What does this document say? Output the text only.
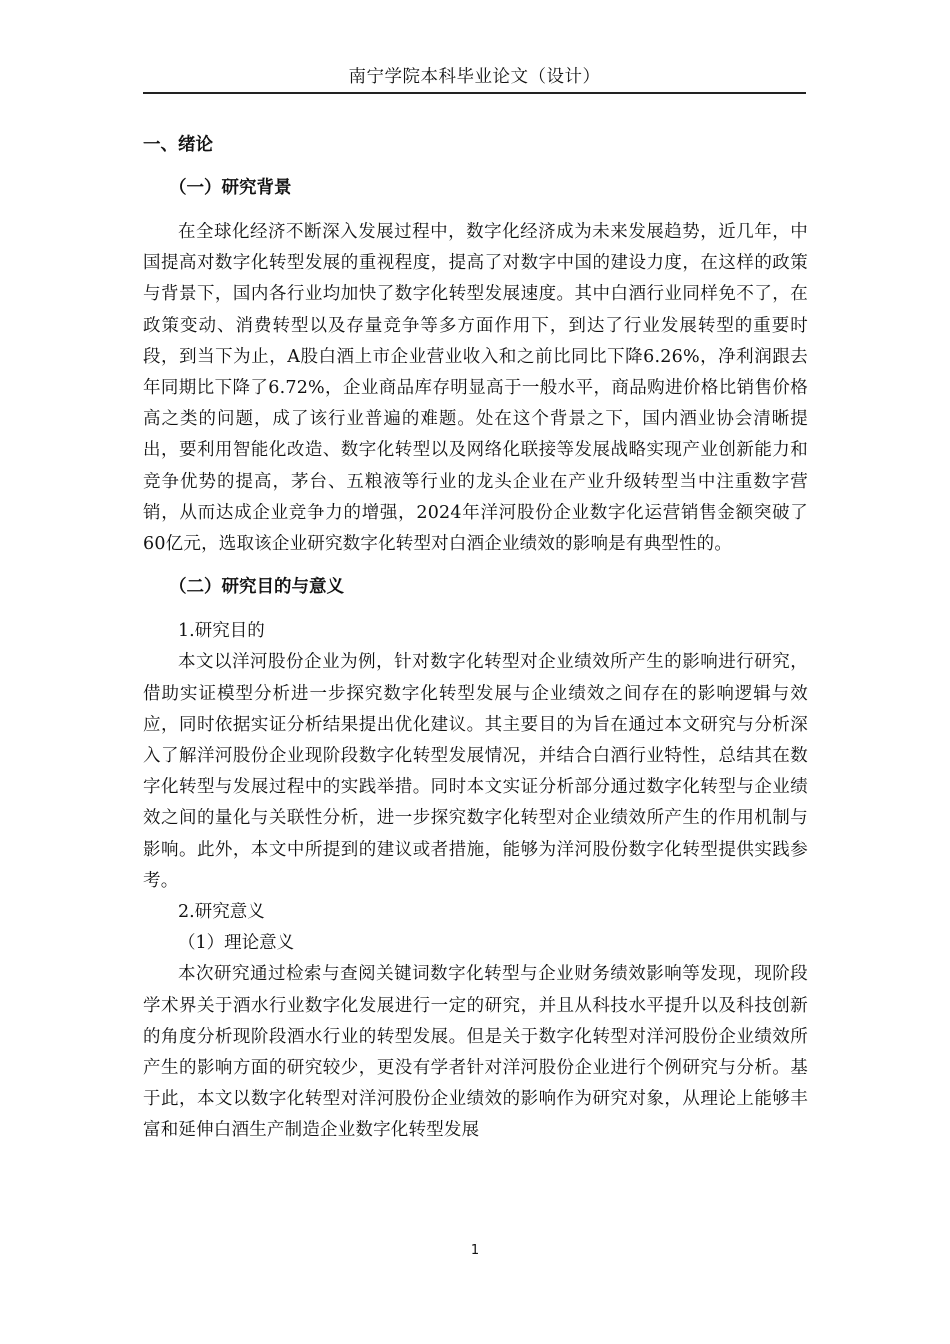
南宁学院本科毕业论文（设计）
一、绪论
（一）研究背景

在全球化经济不断深入发展过程中，数字化经济成为未来发展趋势，近几年，中国提高对数字化转型发展的重视程度，提高了对数字中国的建设力度，在这样的政策与背景下，国内各行业均加快了数字化转型发展速度。其中白酒行业同样免不了，在政策变动、消费转型以及存量竞争等多方面作用下，到达了行业发展转型的重要时段，到当下为止，A股白酒上市企业营业收入和之前比同比下降6.26%，净利润跟去年同期比下降了6.72%，企业商品库存明显高于一般水平，商品购进价格比销售价格高之类的问题，成了该行业普遍的难题。处在这个背景之下，国内酒业协会清晰提出，要利用智能化改造、数字化转型以及网络化联接等发展战略实现产业创新能力和竞争优势的提高，茅台、五粮液等行业的龙头企业在产业升级转型当中注重数字营销，从而达成企业竞争力的增强，2024年洋河股份企业数字化运营销售金额突破了60亿元，选取该企业研究数字化转型对白酒企业绩效的影响是有典型性的。

（二）研究目的与意义
1.研究目的

本文以洋河股份企业为例，针对数字化转型对企业绩效所产生的影响进行研究，借助实证模型分析进一步探究数字化转型发展与企业绩效之间存在的影响逻辑与效应，同时依据实证分析结果提出优化建议。其主要目的为旨在通过本文研究与分析深入了解洋河股份企业现阶段数字化转型发展情况，并结合白酒行业特性，总结其在数字化转型与发展过程中的实践举措。同时本文实证分析部分通过数字化转型与企业绩效之间的量化与关联性分析，进一步探究数字化转型对企业绩效所产生的作用机制与影响。此外，本文中所提到的建议或者措施，能够为洋河股份数字化转型提供实践参考。

2.研究意义
（1）理论意义

本次研究通过检索与查阅关键词数字化转型与企业财务绩效影响等发现，现阶段学术界关于酒水行业数字化发展进行一定的研究，并且从科技水平提升以及科技创新的角度分析现阶段酒水行业的转型发展。但是关于数字化转型对洋河股份企业绩效所产生的影响方面的研究较少，更没有学者针对洋河股份企业进行个例研究与分析。基于此，本文以数字化转型对洋河股份企业绩效的影响作为研究对象，从理论上能够丰富和延伸白酒生产制造企业数字化转型发展

1
